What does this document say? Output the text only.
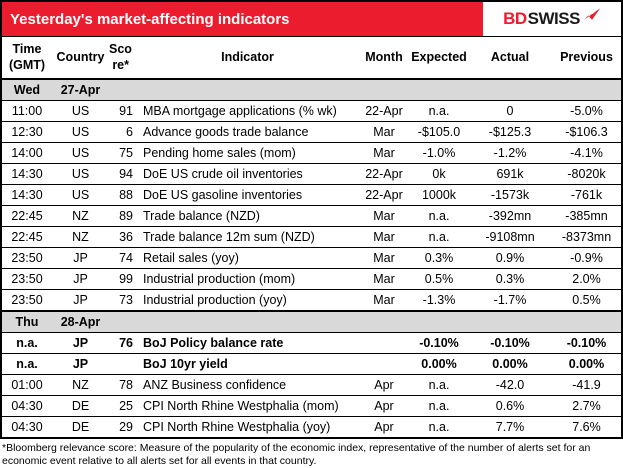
Yesterday's market-affecting indicators	BD SWISS
Time
(GMT)
	Country	
Sco
re*
	Indicator	Month	Expected	Actual	Previous
Wed	27-Apr						
11:00	US	91	MBA mortgage applications (% wk)	22-Apr	n.a.	0	-5.0%
12:30	US	6	Advance goods trade balance	Mar	-$105.0	-$125.3	-$106.3
14:00	US	75	Pending home sales (mom)	Mar	-1.0%	-1.2%	-4.1%
14:30	US	94	DoE US crude oil inventories	22-Apr	0k	691k	-8020k
14:30	US	88	DoE US gasoline inventories	22-Apr	1000k	-1573k	-761k
22:45	NZ	89	Trade balance (NZD)	Mar	n.a.	-392mn	-385mn
22:45	NZ	36	Trade balance 12m sum (NZD)	Mar	n.a.	-9108mn	-8373mn
23:50	JP	74	Retail sales (yoy)	Mar	0.3%	0.9%	-0.9%
23:50	JP	99	Industrial production (mom)	Mar	0.5%	0.3%	2.0%
23:50	JP	73	Industrial production (yoy)	Mar	-1.3%	-1.7%	0.5%
Thu	28-Apr						
n.a.	JP	76	BoJ Policy balance rate		-0.10%	-0.10%	-0.10%
n.a.	JP		BoJ 10yr yield		0.00%	0.00%	0.00%
01:00	NZ	78	ANZ Business confidence	Apr	n.a.	-42.0	-41.9
04:30	DE	25	CPI North Rhine Westphalia (mom)	Apr	n.a.	0.6%	2.7%
04:30	DE	29	CPI North Rhine Westphalia (yoy)	Apr	n.a.	7.7%	7.6%
*Bloomberg relevance score: Measure of the popularity of the economic index, representative of the number of alerts set for an economic event relative to all alerts set for all events in that country.
